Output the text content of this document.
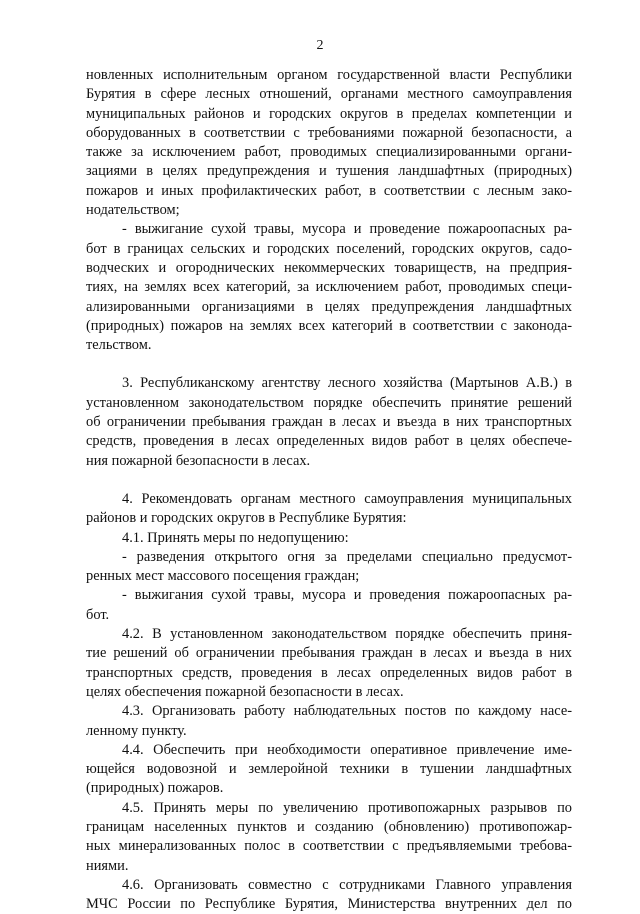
2
новленных исполнительным органом государственной власти Республики
Бурятия в сфере лесных отношений, органами местного самоуправления
муниципальных районов и городских округов в пределах компетенции и
оборудованных в соответствии с требованиями пожарной безопасности, а
также за исключением работ, проводимых специализированными органи-
зациями в целях предупреждения и тушения ландшафтных (природных)
пожаров и иных профилактических работ, в соответствии с лесным зако-
нодательством;
- выжигание сухой травы, мусора и проведение пожароопасных ра-
бот в границах сельских и городских поселений, городских округов, садо-
водческих и огороднических некоммерческих товариществ, на предприя-
тиях, на землях всех категорий, за исключением работ, проводимых специ-
ализированными организациями в целях предупреждения ландшафтных
(природных) пожаров на землях всех категорий в соответствии с законода-
тельством.
3. Республиканскому агентству лесного хозяйства (Мартынов А.В.) в
установленном законодательством порядке обеспечить принятие решений
об ограничении пребывания граждан в лесах и въезда в них транспортных
средств, проведения в лесах определенных видов работ в целях обеспече-
ния пожарной безопасности в лесах.
4. Рекомендовать органам местного самоуправления муниципальных
районов и городских округов в Республике Бурятия:
4.1. Принять меры по недопущению:
- разведения открытого огня за пределами специально предусмот-
ренных мест массового посещения граждан;
- выжигания сухой травы, мусора и проведения пожароопасных ра-
бот.
4.2. В установленном законодательством порядке обеспечить приня-
тие решений об ограничении пребывания граждан в лесах и въезда в них
транспортных средств, проведения в лесах определенных видов работ в
целях обеспечения пожарной безопасности в лесах.
4.3. Организовать работу наблюдательных постов по каждому насе-
ленному пункту.
4.4. Обеспечить при необходимости оперативное привлечение име-
ющейся водовозной и землеройной техники в тушении ландшафтных
(природных) пожаров.
4.5. Принять меры по увеличению противопожарных разрывов по
границам населенных пунктов и созданию (обновлению) противопожар-
ных минерализованных полос в соответствии с предъявляемыми требова-
ниями.
4.6. Организовать совместно с сотрудниками Главного управления
МЧС России по Республике Бурятия, Министерства внутренних дел по
